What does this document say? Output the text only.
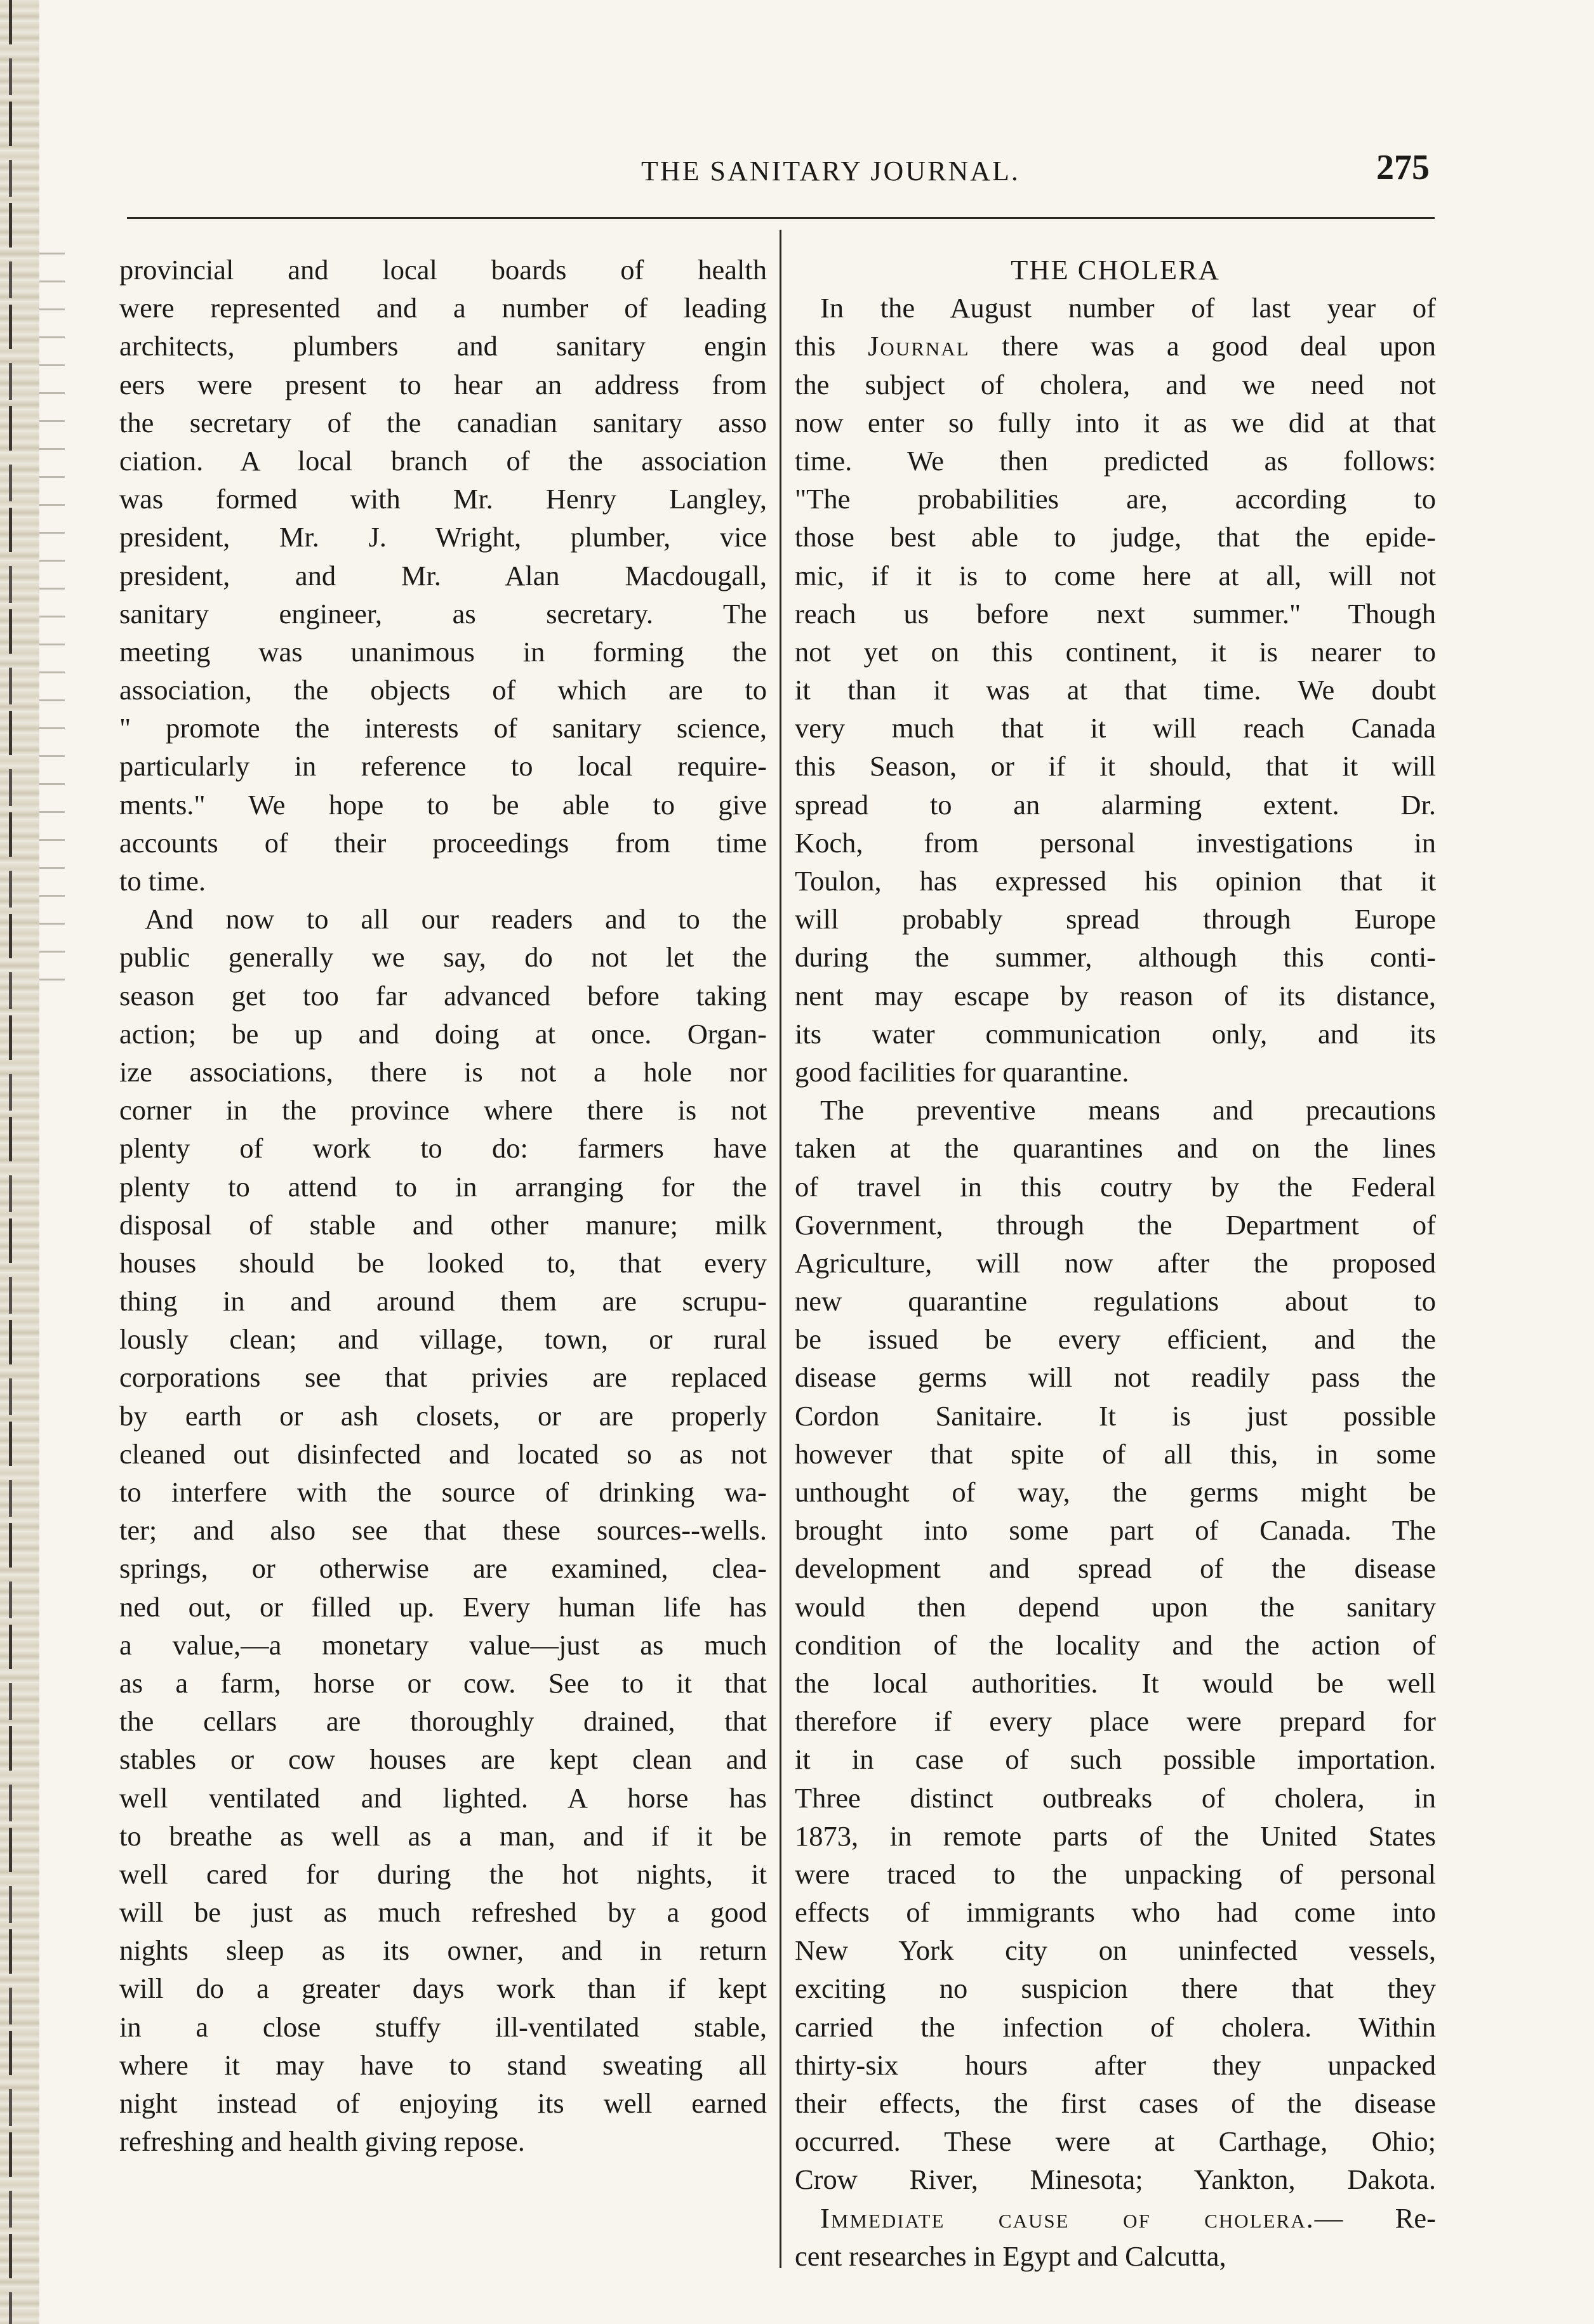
THE SANITARY JOURNAL.	275
provincial and local boards of health
were represented and a number of leading
architects, plumbers and sanitary engin
eers were present to hear an address from
the secretary of the canadian sanitary asso
ciation. A local branch of the association
was formed with Mr. Henry Langley,
president, Mr. J. Wright, plumber, vice
president, and Mr. Alan Macdougall,
sanitary engineer, as secretary. The
meeting was unanimous in forming the
association, the objects of which are to
" promote the interests of sanitary science,
particularly in reference to local require-
ments." We hope to be able to give
accounts of their proceedings from time
to time.
And now to all our readers and to the
public generally we say, do not let the
season get too far advanced before taking
action; be up and doing at once. Organ-
ize associations, there is not a hole nor
corner in the province where there is not
plenty of work to do: farmers have
plenty to attend to in arranging for the
disposal of stable and other manure; milk
houses should be looked to, that every
thing in and around them are scrupu-
lously clean; and village, town, or rural
corporations see that privies are replaced
by earth or ash closets, or are properly
cleaned out disinfected and located so as not
to interfere with the source of drinking wa-
ter; and also see that these sources--wells.
springs, or otherwise are examined, clea-
ned out, or filled up. Every human life has
a value,—a monetary value—just as much
as a farm, horse or cow. See to it that
the cellars are thoroughly drained, that
stables or cow houses are kept clean and
well ventilated and lighted. A horse has
to breathe as well as a man, and if it be
well cared for during the hot nights, it
will be just as much refreshed by a good
nights sleep as its owner, and in return
will do a greater days work than if kept
in a close stuffy ill-ventilated stable,
where it may have to stand sweating all
night instead of enjoying its well earned
refreshing and health giving repose.
THE CHOLERA
In the August number of last year of
this Journal there was a good deal upon
the subject of cholera, and we need not
now enter so fully into it as we did at that
time. We then predicted as follows:
"The probabilities are, according to
those best able to judge, that the epide-
mic, if it is to come here at all, will not
reach us before next summer." Though
not yet on this continent, it is nearer to
it than it was at that time. We doubt
very much that it will reach Canada
this Season, or if it should, that it will
spread to an alarming extent. Dr.
Koch, from personal investigations in
Toulon, has expressed his opinion that it
will probably spread through Europe
during the summer, although this conti-
nent may escape by reason of its distance,
its water communication only, and its
good facilities for quarantine.
The preventive means and precautions
taken at the quarantines and on the lines
of travel in this coutry by the Federal
Government, through the Department of
Agriculture, will now after the proposed
new quarantine regulations about to
be issued be every efficient, and the
disease germs will not readily pass the
Cordon Sanitaire. It is just possible
however that spite of all this, in some
unthought of way, the germs might be
brought into some part of Canada. The
development and spread of the disease
would then depend upon the sanitary
condition of the locality and the action of
the local authorities. It would be well
therefore if every place were prepard for
it in case of such possible importation.
Three distinct outbreaks of cholera, in
1873, in remote parts of the United States
were traced to the unpacking of personal
effects of immigrants who had come into
New York city on uninfected vessels,
exciting no suspicion there that they
carried the infection of cholera. Within
thirty-six hours after they unpacked
their effects, the first cases of the disease
occurred. These were at Carthage, Ohio;
Crow River, Minesota; Yankton, Dakota.
Immediate cause of cholera.— Re-
cent researches in Egypt and Calcutta,
